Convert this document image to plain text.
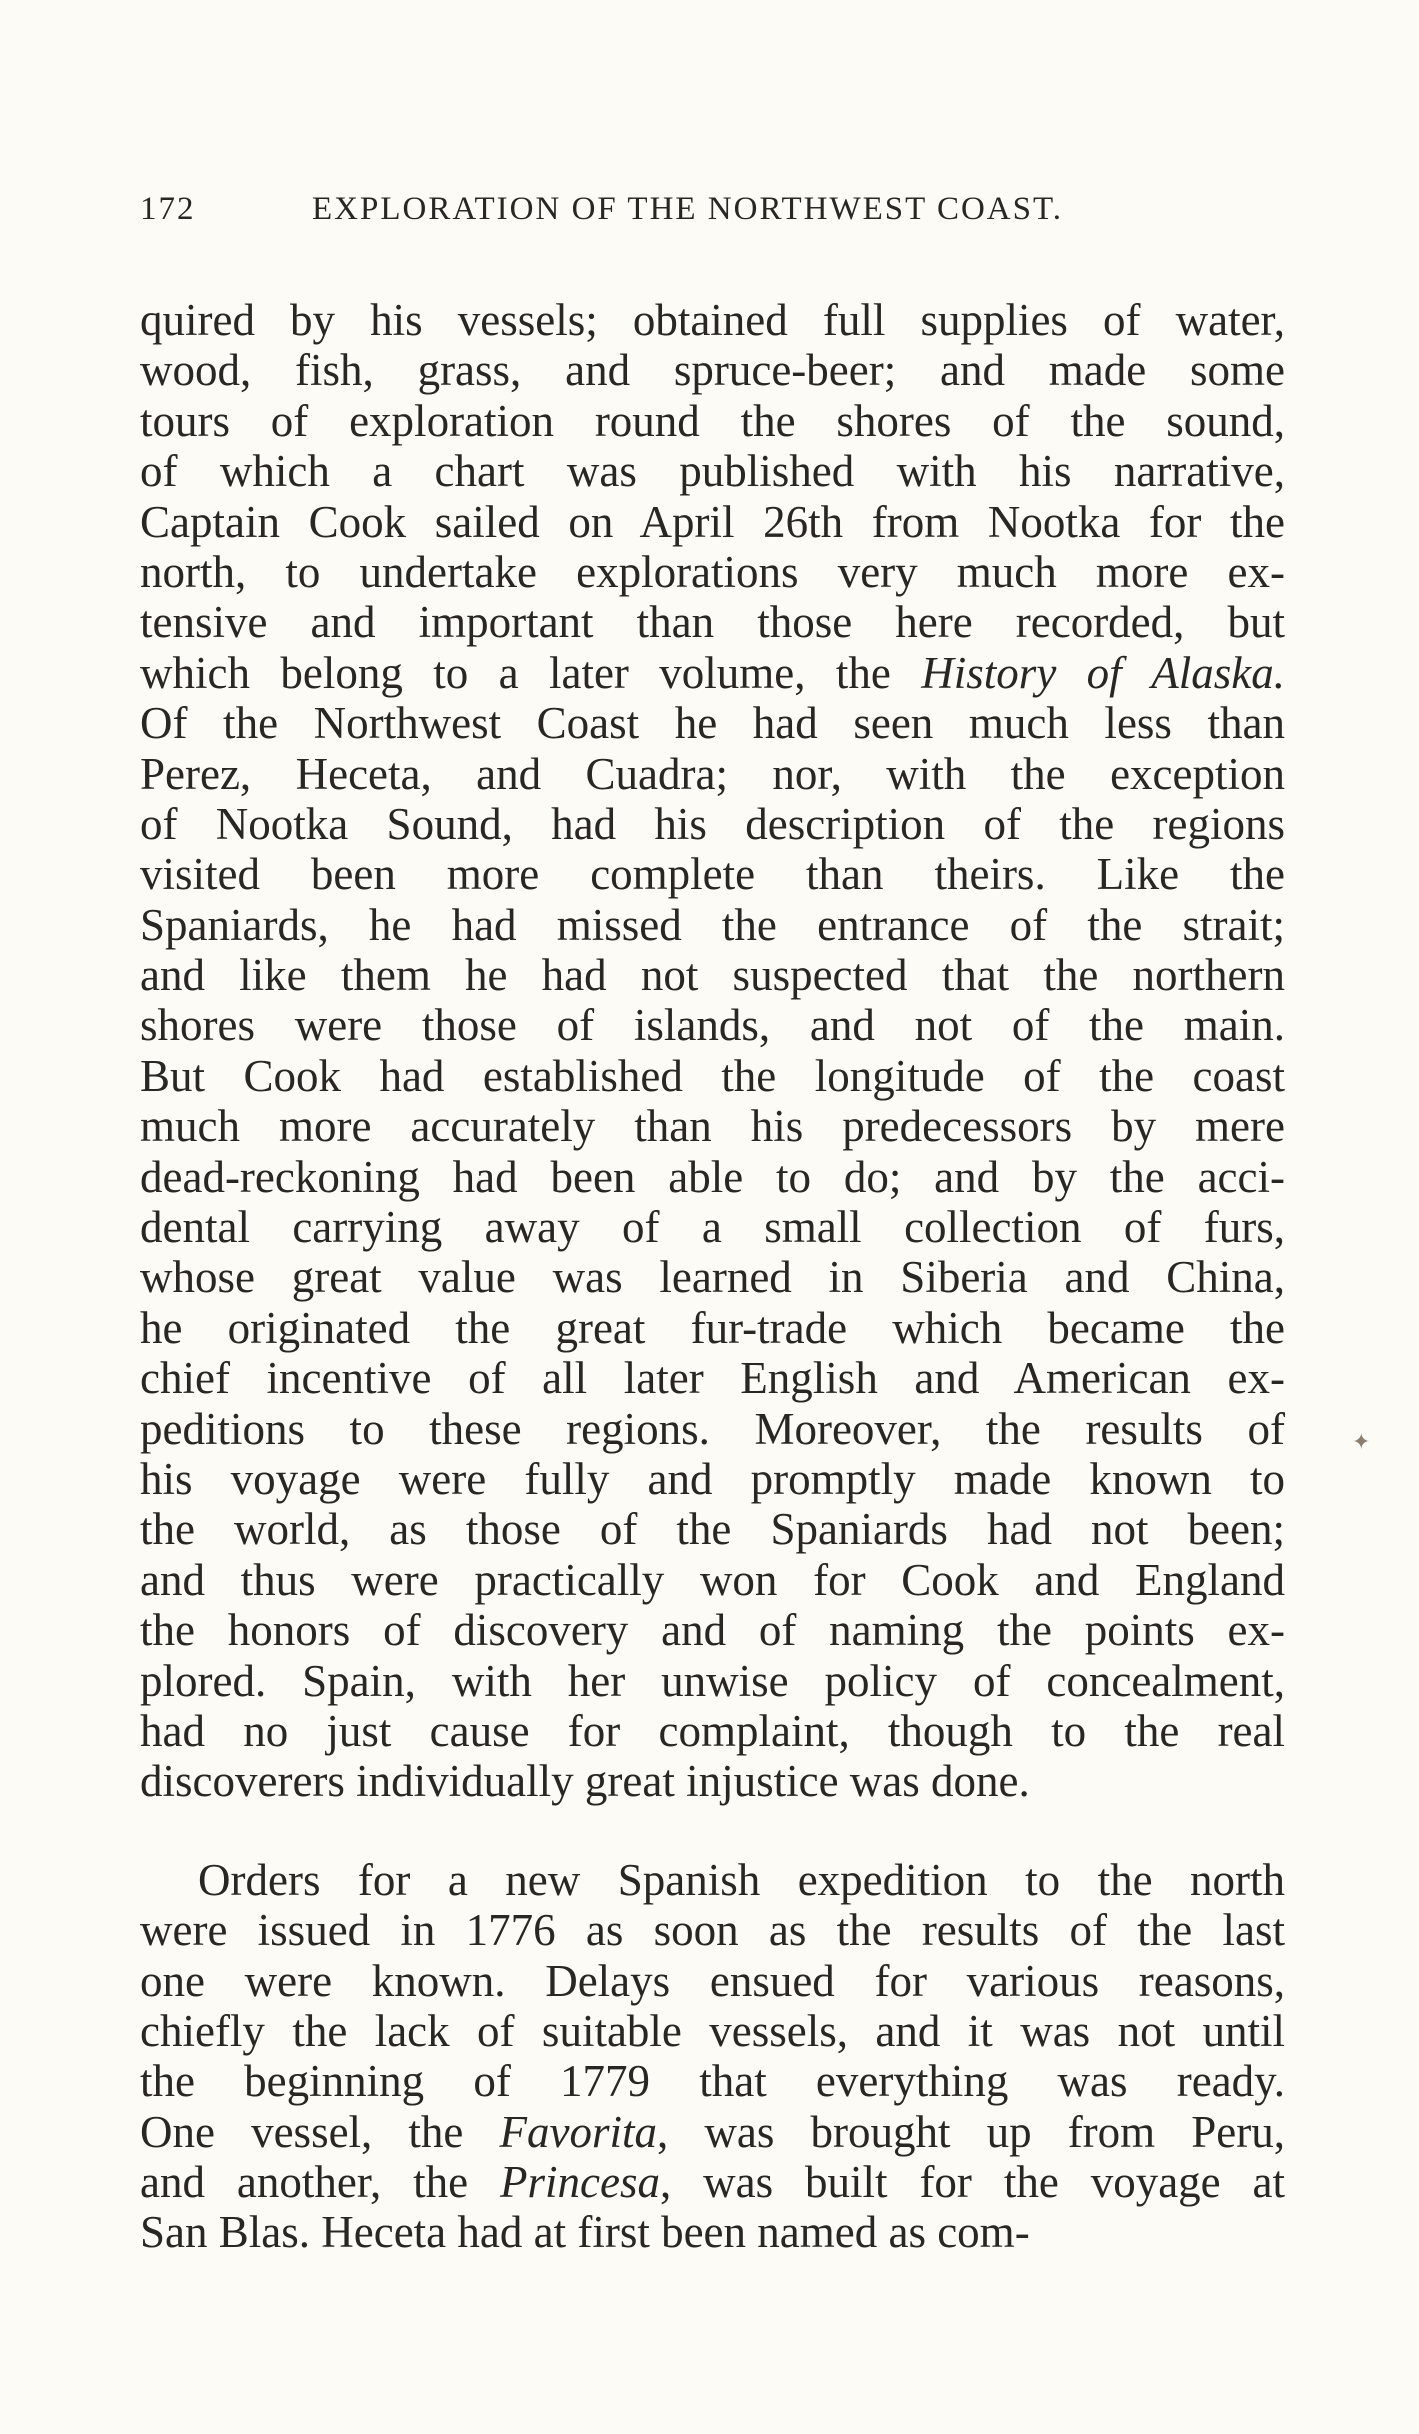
172	EXPLORATION OF THE NORTHWEST COAST.

quired by his vessels; obtained full supplies of water,
wood, fish, grass, and spruce-beer; and made some
tours of exploration round the shores of the sound,
of which a chart was published with his narrative,
Captain Cook sailed on April 26th from Nootka for the
north, to undertake explorations very much more ex-
tensive and important than those here recorded, but
which belong to a later volume, the History of Alaska.
Of the Northwest Coast he had seen much less than
Perez, Heceta, and Cuadra; nor, with the exception
of Nootka Sound, had his description of the regions
visited been more complete than theirs. Like the
Spaniards, he had missed the entrance of the strait;
and like them he had not suspected that the northern
shores were those of islands, and not of the main.
But Cook had established the longitude of the coast
much more accurately than his predecessors by mere
dead-reckoning had been able to do; and by the acci-
dental carrying away of a small collection of furs,
whose great value was learned in Siberia and China,
he originated the great fur-trade which became the
chief incentive of all later English and American ex-
peditions to these regions. Moreover, the results of
his voyage were fully and promptly made known to
the world, as those of the Spaniards had not been;
and thus were practically won for Cook and England
the honors of discovery and of naming the points ex-
plored. Spain, with her unwise policy of concealment,
had no just cause for complaint, though to the real
discoverers individually great injustice was done.

Orders for a new Spanish expedition to the north
were issued in 1776 as soon as the results of the last
one were known. Delays ensued for various reasons,
chiefly the lack of suitable vessels, and it was not until
the beginning of 1779 that everything was ready.
One vessel, the Favorita, was brought up from Peru,
and another, the Princesa, was built for the voyage at
San Blas. Heceta had at first been named as com-

✦
